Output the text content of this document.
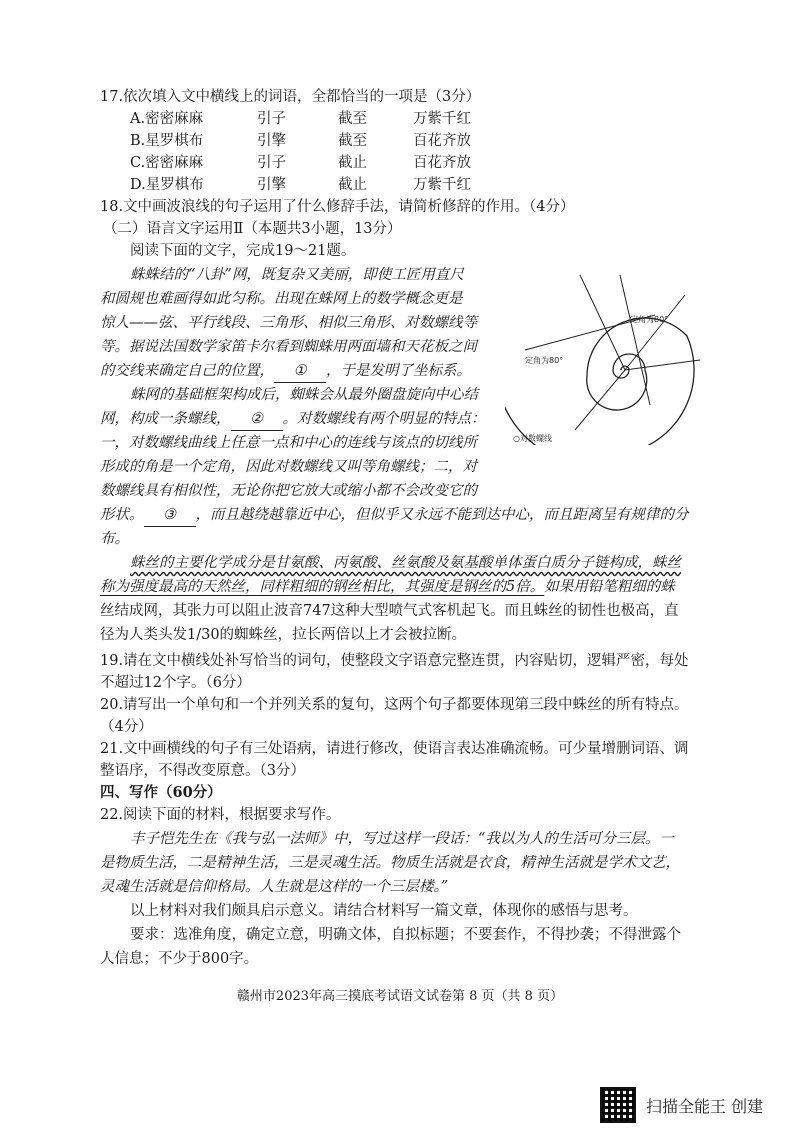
17.依次填入文中横线上的词语，全都恰当的一项是（3分）
A.密密麻麻	引子	截至	万紫千红
B.星罗棋布	引擎	截至	百花齐放
C.密密麻麻	引子	截止	百花齐放
D.星罗棋布	引擎	截止	万紫千红
18.文中画波浪线的句子运用了什么修辞手法，请简析修辞的作用。（4分）
（二）语言文字运用Ⅱ（本题共3小题，13分）
阅读下面的文字，完成19～21题。
蛛蛛结的“八卦”网，既复杂又美丽，即使工匠用直尺
和圆规也难画得如此匀称。出现在蛛网上的数学概念更是
惊人——弦、平行线段、三角形、相似三角形、对数螺线等
等。据说法国数学家笛卡尔看到蜘蛛用两面墙和天花板之间
的交线来确定自己的位置， ① ，于是发明了坐标系。
蛛网的基础框架构成后，蜘蛛会从最外圈盘旋向中心结
网，构成一条螺线， ② 。对数螺线有两个明显的特点：
一，对数螺线曲线上任意一点和中心的连线与该点的切线所
形成的角是一个定角，因此对数螺线又叫等角螺线；二，对
数螺线具有相似性，无论你把它放大或缩小都不会改变它的
形状。 ③ ，而且越绕越靠近中心，但似乎又永远不能到达中心，而且距离呈有规律的分
布。
蛛丝的主要化学成分是甘氨酸、丙氨酸、丝氨酸及氨基酸单体蛋白质分子链构成，蛛丝
称为强度最高的天然丝，同样粗细的钢丝相比，其强度是钢丝的5倍。如果用铅笔粗细的蛛
丝结成网，其张力可以阻止波音747这种大型喷气式客机起飞。而且蛛丝的韧性也极高，直
径为人类头发1/30的蜘蛛丝，拉长两倍以上才会被拉断。
定角为80°
定角为80°
○对数螺线
19.请在文中横线处补写恰当的词句，使整段文字语意完整连贯，内容贴切，逻辑严密，每处
不超过12个字。（6分）
20.请写出一个单句和一个并列关系的复句，这两个句子都要体现第三段中蛛丝的所有特点。
（4分）
21.文中画横线的句子有三处语病，请进行修改，使语言表达准确流畅。可少量增删词语、调
整语序，不得改变原意。（3分）
四、写作（60分）
22.阅读下面的材料，根据要求写作。
丰子恺先生在《我与弘一法师》中，写过这样一段话：“我以为人的生活可分三层。一
是物质生活，二是精神生活，三是灵魂生活。物质生活就是衣食，精神生活就是学术文艺，
灵魂生活就是信仰格局。人生就是这样的一个三层楼。”
以上材料对我们颇具启示意义。请结合材料写一篇文章，体现你的感悟与思考。
要求：选准角度，确定立意，明确文体，自拟标题；不要套作，不得抄袭；不得泄露个
人信息；不少于800字。
赣州市2023年高三摸底考试语文试卷第 8 页（共 8 页）
扫描全能王 创建
